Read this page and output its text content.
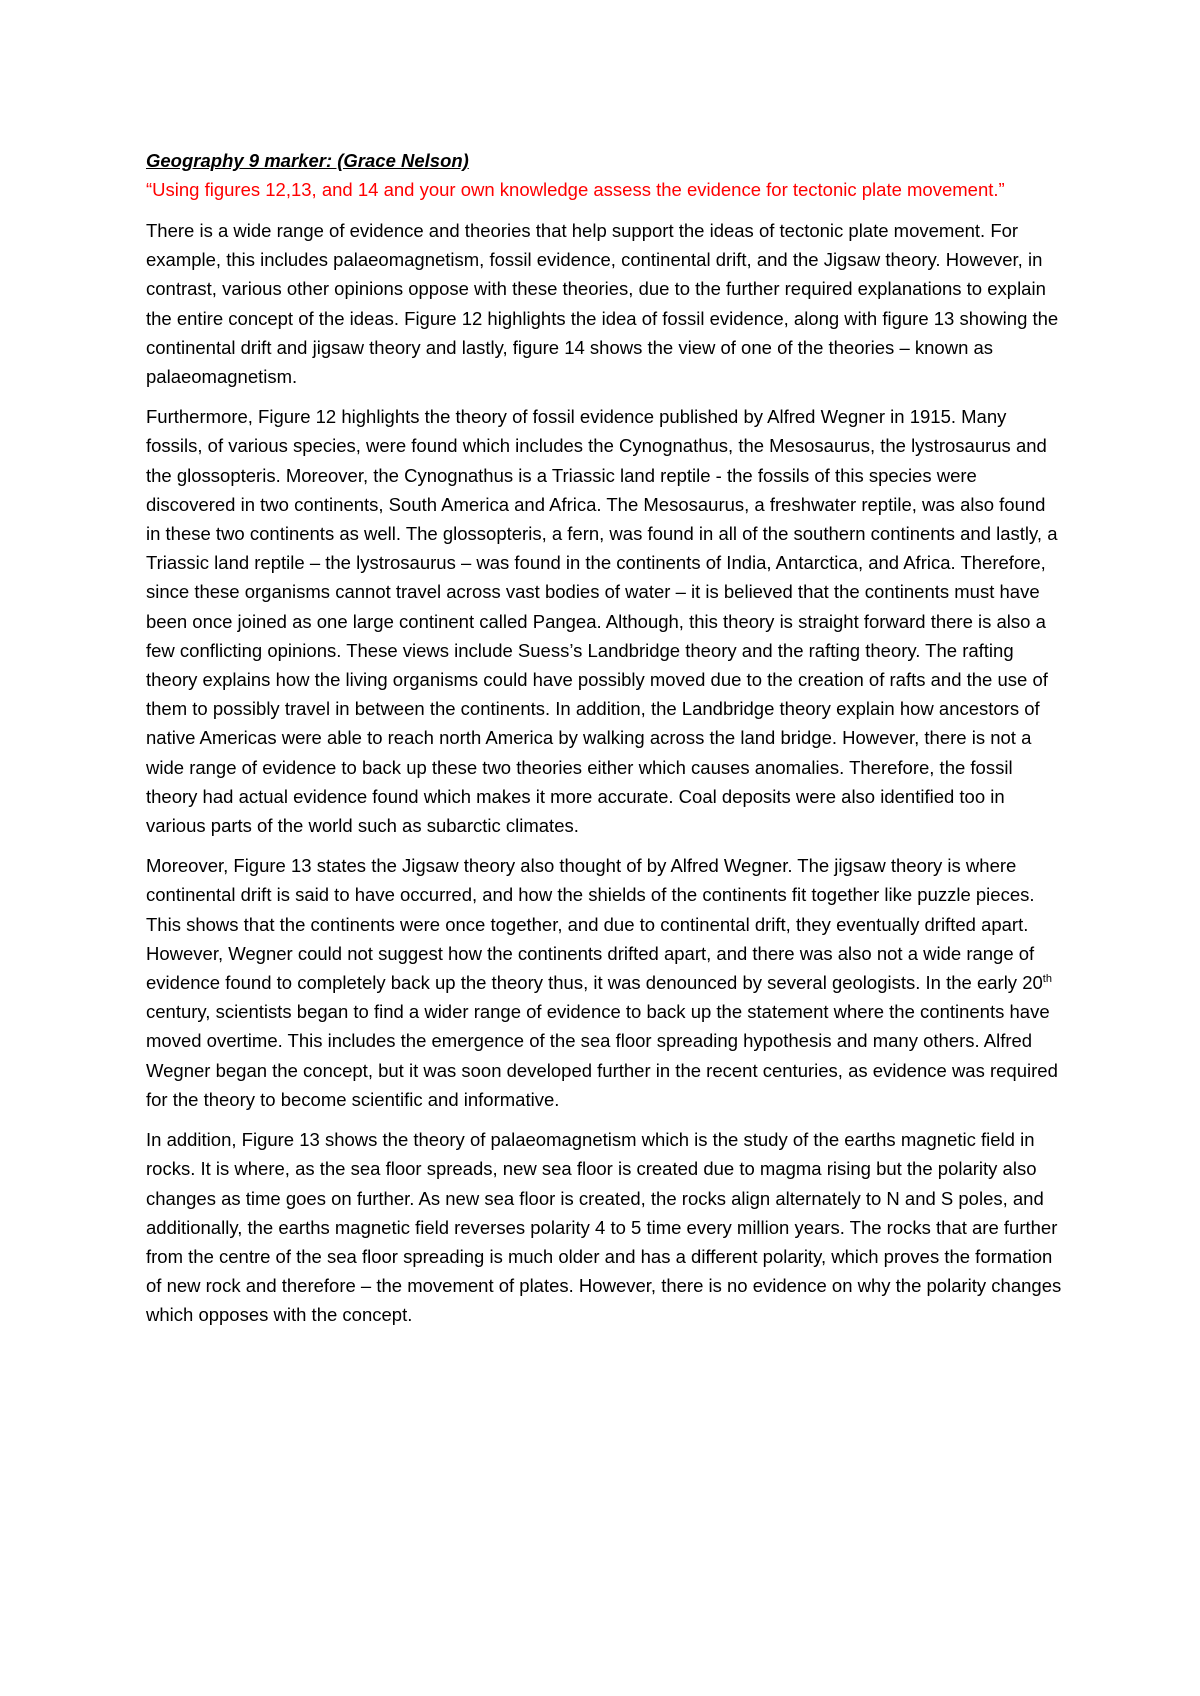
Geography 9 marker: (Grace Nelson)

“Using figures 12,13, and 14 and your own knowledge assess the evidence for tectonic plate movement.”

There is a wide range of evidence and theories that help support the ideas of tectonic plate movement. For example, this includes palaeomagnetism, fossil evidence, continental drift, and the Jigsaw theory. However, in contrast, various other opinions oppose with these theories, due to the further required explanations to explain the entire concept of the ideas. Figure 12 highlights the idea of fossil evidence, along with figure 13 showing the continental drift and jigsaw theory and lastly, figure 14 shows the view of one of the theories – known as palaeomagnetism.

Furthermore, Figure 12 highlights the theory of fossil evidence published by Alfred Wegner in 1915. Many fossils, of various species, were found which includes the Cynognathus, the Mesosaurus, the lystrosaurus and the glossopteris. Moreover, the Cynognathus is a Triassic land reptile - the fossils of this species were discovered in two continents, South America and Africa. The Mesosaurus, a freshwater reptile, was also found in these two continents as well. The glossopteris, a fern, was found in all of the southern continents and lastly, a Triassic land reptile – the lystrosaurus – was found in the continents of India, Antarctica, and Africa. Therefore, since these organisms cannot travel across vast bodies of water – it is believed that the continents must have been once joined as one large continent called Pangea. Although, this theory is straight forward there is also a few conflicting opinions. These views include Suess’s Landbridge theory and the rafting theory. The rafting theory explains how the living organisms could have possibly moved due to the creation of rafts and the use of them to possibly travel in between the continents. In addition, the Landbridge theory explain how ancestors of native Americas were able to reach north America by walking across the land bridge. However, there is not a wide range of evidence to back up these two theories either which causes anomalies. Therefore, the fossil theory had actual evidence found which makes it more accurate. Coal deposits were also identified too in various parts of the world such as subarctic climates.

Moreover, Figure 13 states the Jigsaw theory also thought of by Alfred Wegner. The jigsaw theory is where continental drift is said to have occurred, and how the shields of the continents fit together like puzzle pieces. This shows that the continents were once together, and due to continental drift, they eventually drifted apart. However, Wegner could not suggest how the continents drifted apart, and there was also not a wide range of evidence found to completely back up the theory thus, it was denounced by several geologists. In the early 20th century, scientists began to find a wider range of evidence to back up the statement where the continents have moved overtime. This includes the emergence of the sea floor spreading hypothesis and many others. Alfred Wegner began the concept, but it was soon developed further in the recent centuries, as evidence was required for the theory to become scientific and informative.

In addition, Figure 13 shows the theory of palaeomagnetism which is the study of the earths magnetic field in rocks. It is where, as the sea floor spreads, new sea floor is created due to magma rising but the polarity also changes as time goes on further. As new sea floor is created, the rocks align alternately to N and S poles, and additionally, the earths magnetic field reverses polarity 4 to 5 time every million years. The rocks that are further from the centre of the sea floor spreading is much older and has a different polarity, which proves the formation of new rock and therefore – the movement of plates. However, there is no evidence on why the polarity changes which opposes with the concept.
